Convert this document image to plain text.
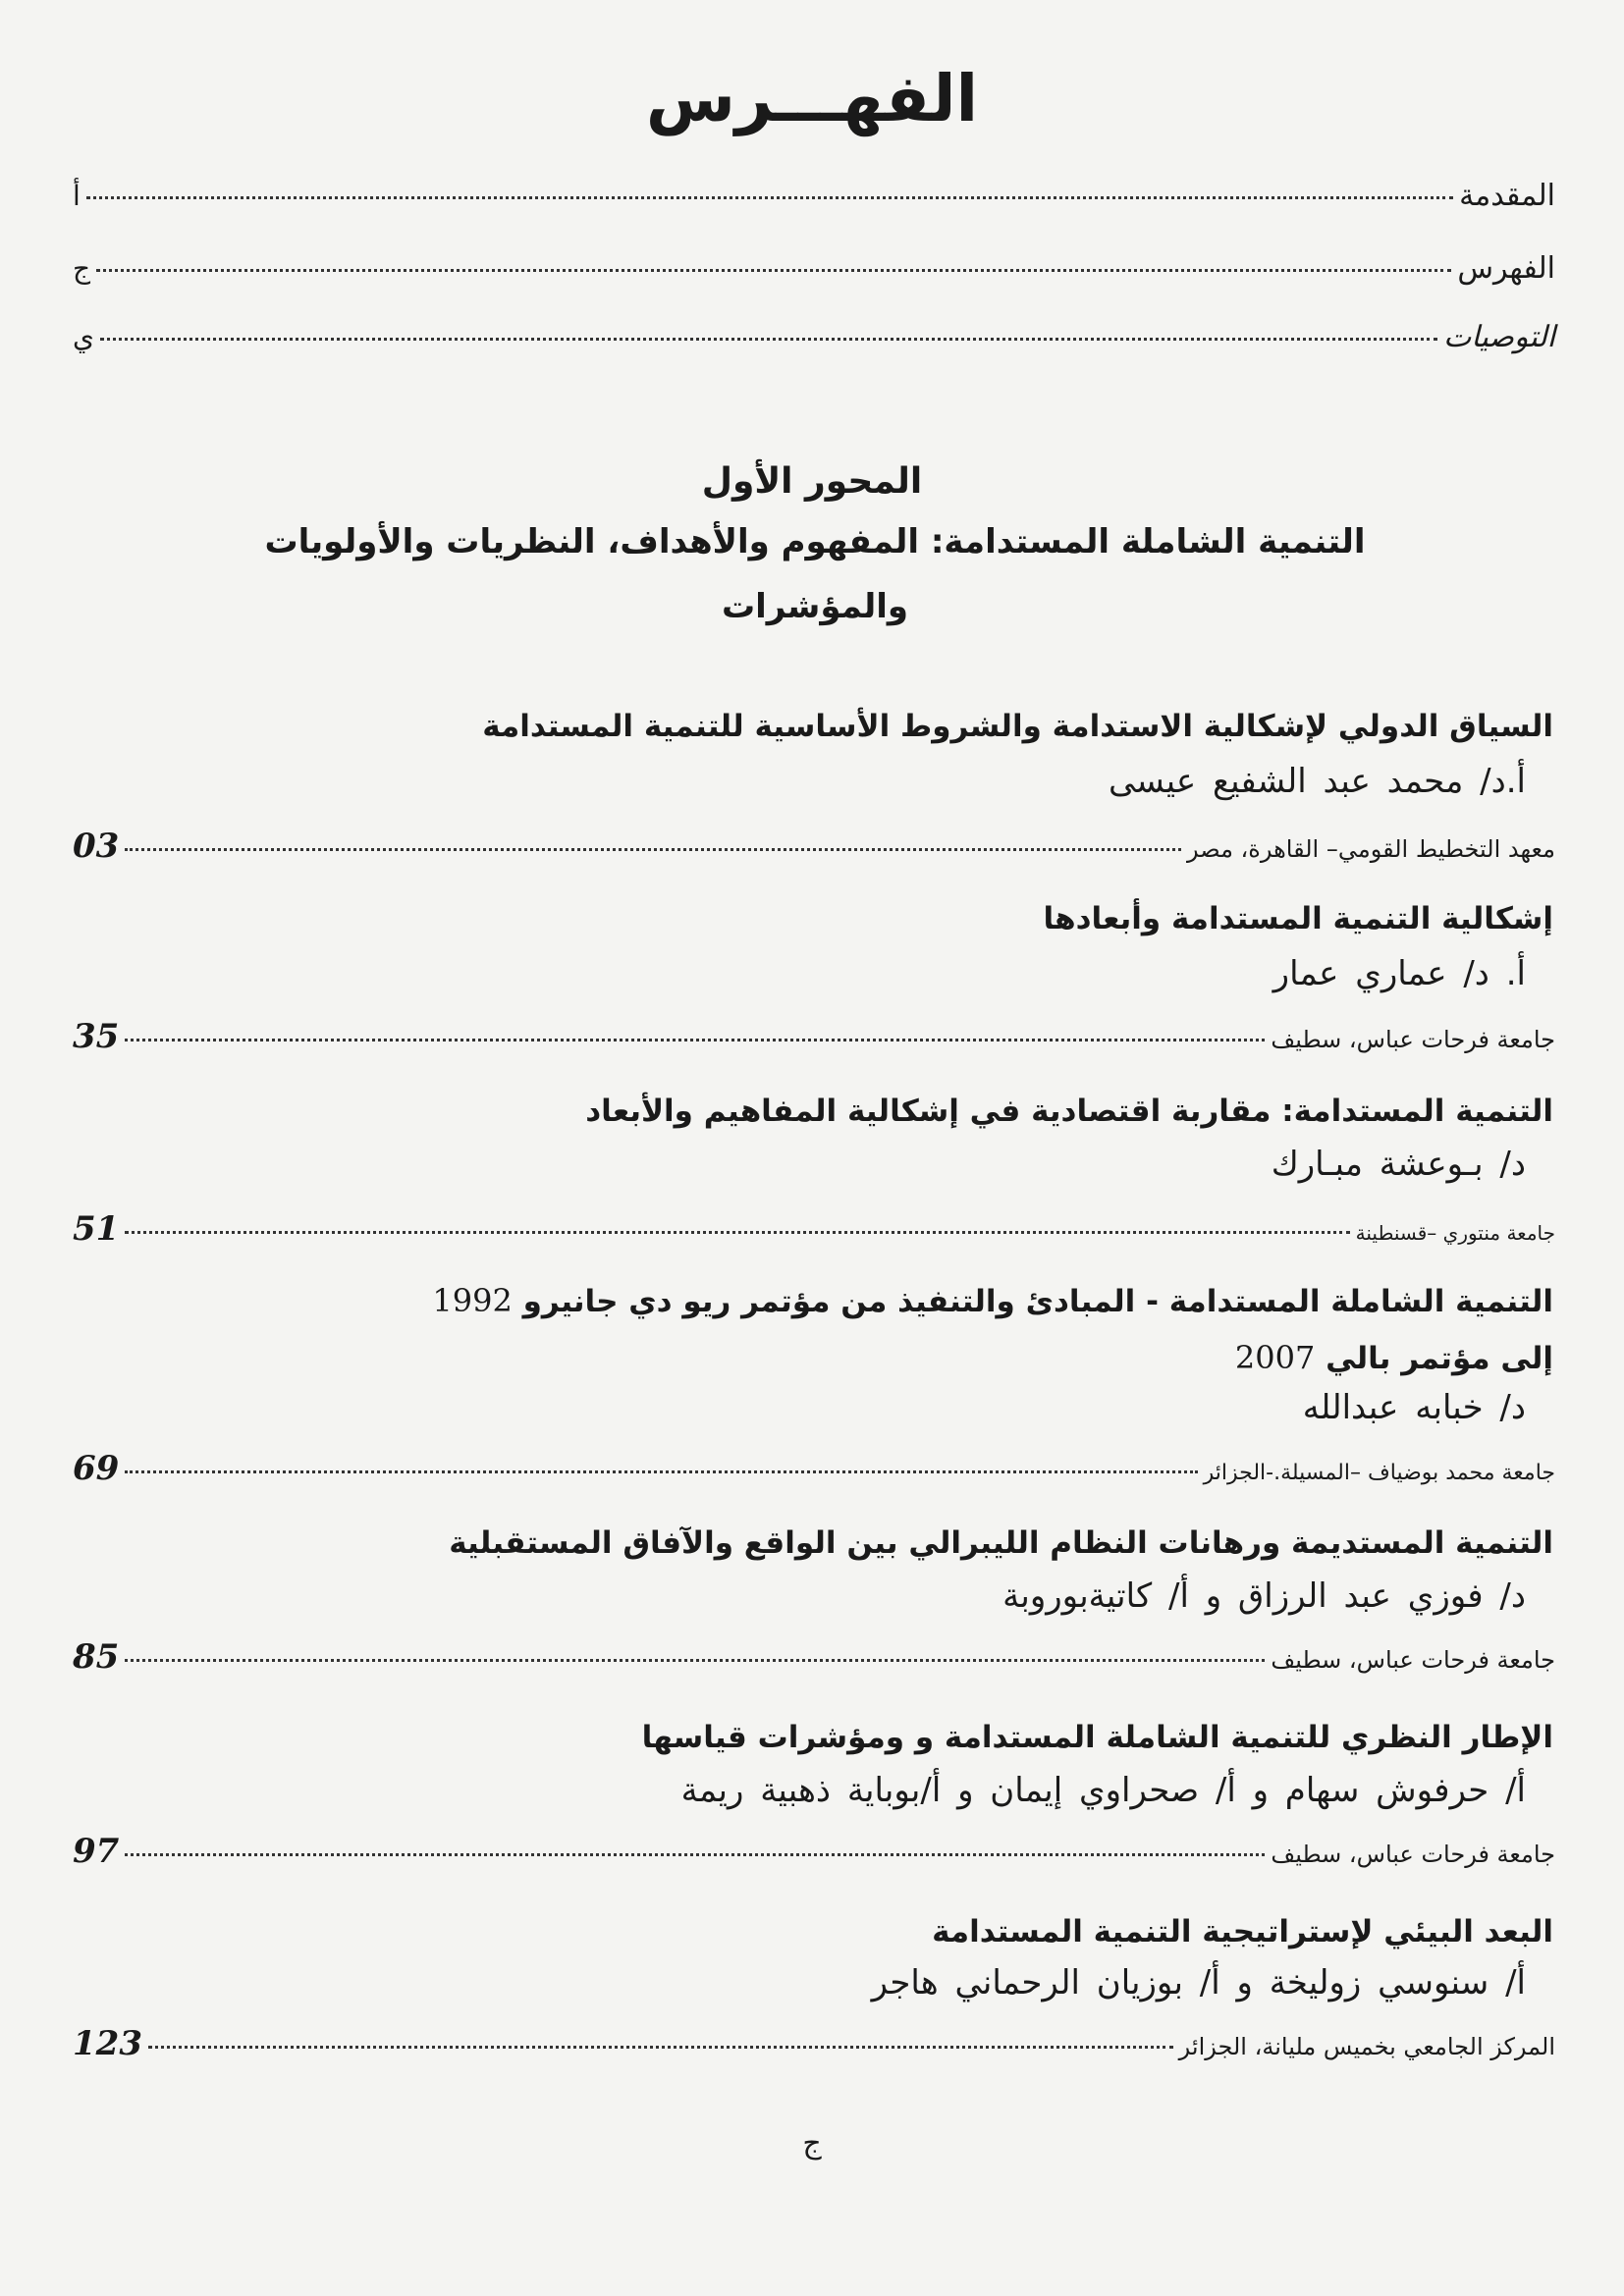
الفهـــرس
المقدمة
أ
الفهرس
ج
التوصيات
ي
المحور الأول
التنمية الشاملة المستدامة: المفهوم والأهداف، النظريات والأولويات
والمؤشرات
السياق الدولي لإشكالية الاستدامة والشروط الأساسية للتنمية المستدامة
أ.د/ محمد عبد الشفيع عيسى
معهد التخطيط القومي– القاهرة، مصر
03
إشكالية التنمية المستدامة وأبعادها
أ. د/ عماري عمار
جامعة فرحات عباس، سطيف
35
التنمية المستدامة: مقاربة اقتصادية في إشكالية المفاهيم والأبعاد
د/ بـوعشة مبـارك
جامعة منتوري –قسنطينة
51
التنمية الشاملة المستدامة - المبادئ والتنفيذ من مؤتمر ريو دي جانيرو 1992
إلى مؤتمر بالي 2007
د/ خبابه عبدالله
جامعة محمد بوضياف –المسيلة.-الجزائر
69
التنمية المستديمة ورهانات النظام الليبرالي بين الواقع والآفاق المستقبلية
د/ فوزي عبد الرزاق و أ/ كاتيةبوروبة
جامعة فرحات عباس، سطيف
85
الإطار النظري للتنمية الشاملة المستدامة و ومؤشرات قياسها
أ/ حرفوش سهام و أ/ صحراوي إيمان و أ/بوباية ذهبية ريمة
جامعة فرحات عباس، سطيف
97
البعد البيئي لإستراتيجية التنمية المستدامة
أ/ سنوسي زوليخة و أ/ بوزيان الرحماني هاجر
المركز الجامعي بخميس مليانة، الجزائر
123
ج
